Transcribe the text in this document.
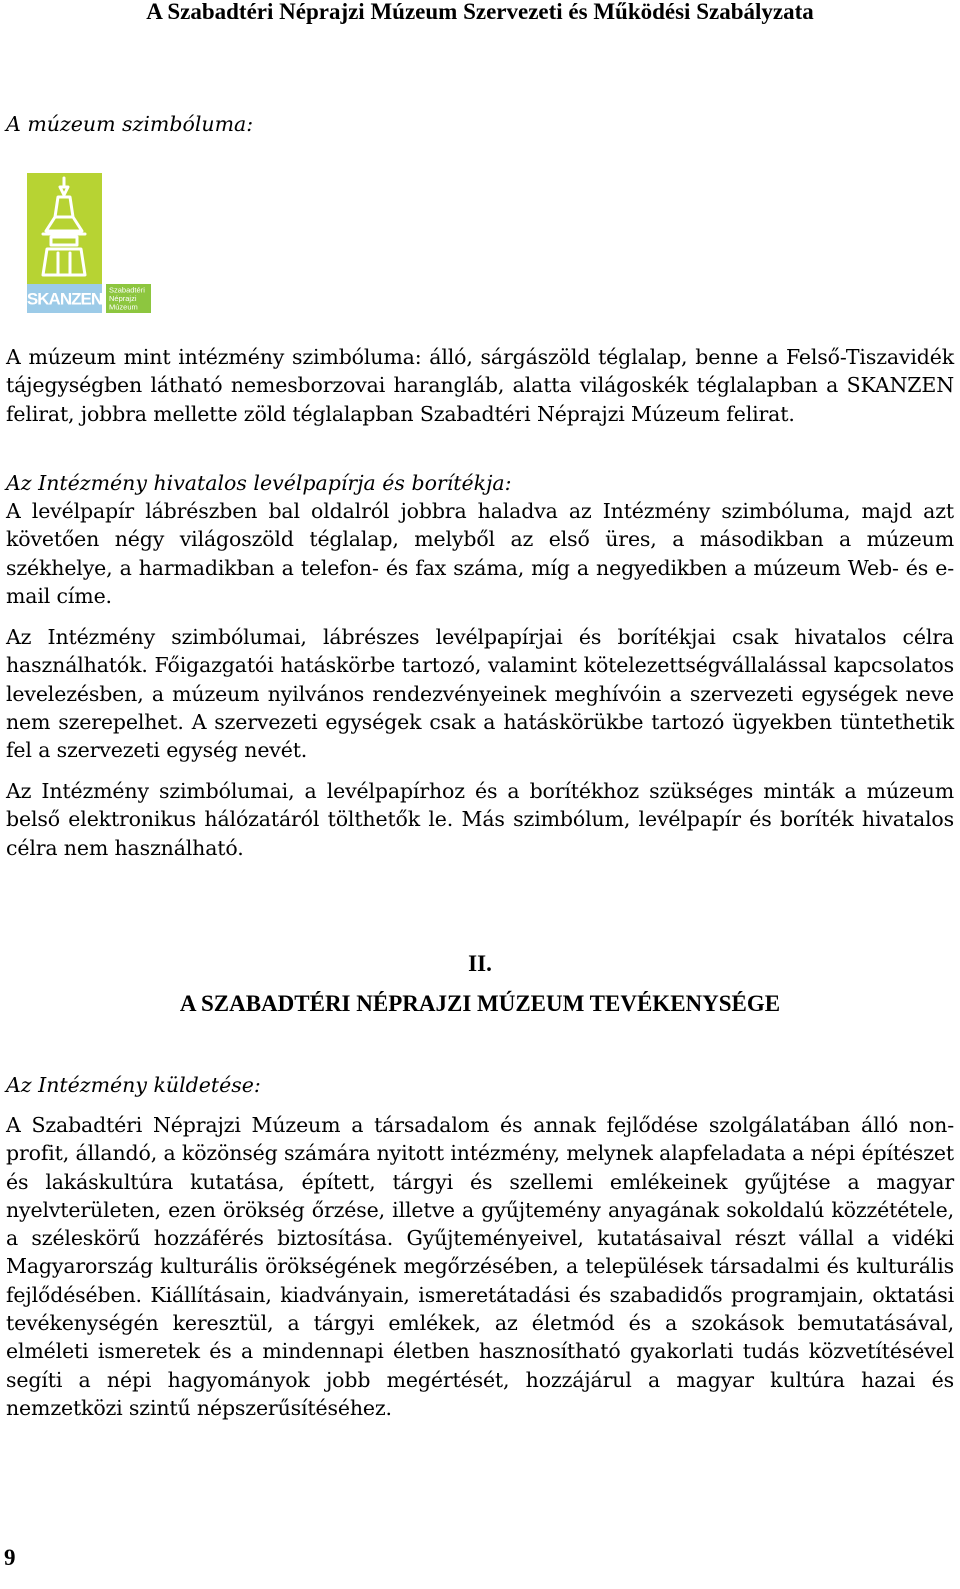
A Szabadtéri Néprajzi Múzeum Szervezeti és Működési Szabályzata
A múzeum szimbóluma:
SKANZEN Szabadtéri
Néprajzi
Múzeum

A múzeum mint intézmény szimbóluma: álló, sárgászöld téglalap, benne a Felső-Tiszavidék tájegységben látható nemesborzovai harangláb, alatta világoskék téglalapban a SKANZEN felirat, jobbra mellette zöld téglalapban Szabadtéri Néprajzi Múzeum felirat.

Az Intézmény hivatalos levélpapírja és borítékja:

A levélpapír lábrészben bal oldalról jobbra haladva az Intézmény szimbóluma, majd azt követően négy világoszöld téglalap, melyből az első üres, a másodikban a múzeum székhelye, a harmadikban a telefon- és fax száma, míg a negyedikben a múzeum Web- és e-mail címe.

Az Intézmény szimbólumai, lábrészes levélpapírjai és borítékjai csak hivatalos célra használhatók. Főigazgatói hatáskörbe tartozó, valamint kötelezettségvállalással kapcsolatos levelezésben, a múzeum nyilvános rendezvényeinek meghívóin a szervezeti egységek neve nem szerepelhet. A szervezeti egységek csak a hatáskörükbe tartozó ügyekben tüntethetik fel a szervezeti egység nevét.

Az Intézmény szimbólumai, a levélpapírhoz és a borítékhoz szükséges minták a múzeum belső elektronikus hálózatáról tölthetők le. Más szimbólum, levélpapír és boríték hivatalos célra nem használható.

II.
A SZABADTÉRI NÉPRAJZI MÚZEUM TEVÉKENYSÉGE
Az Intézmény küldetése:

A Szabadtéri Néprajzi Múzeum a társadalom és annak fejlődése szolgálatában álló non-profit, állandó, a közönség számára nyitott intézmény, melynek alapfeladata a népi építészet és lakáskultúra kutatása, épített, tárgyi és szellemi emlékeinek gyűjtése a magyar nyelvterületen, ezen örökség őrzése, illetve a gyűjtemény anyagának sokoldalú közzététele, a széleskörű hozzáférés biztosítása. Gyűjteményeivel, kutatásaival részt vállal a vidéki Magyarország kulturális örökségének megőrzésében, a települések társadalmi és kulturális fejlődésében. Kiállításain, kiadványain, ismeretátadási és szabadidős programjain, oktatási tevékenységén keresztül, a tárgyi emlékek, az életmód és a szokások bemutatásával, elméleti ismeretek és a mindennapi életben hasznosítható gyakorlati tudás közvetítésével segíti a népi hagyományok jobb megértését, hozzájárul a magyar kultúra hazai és nemzetközi szintű népszerűsítéséhez.

9
